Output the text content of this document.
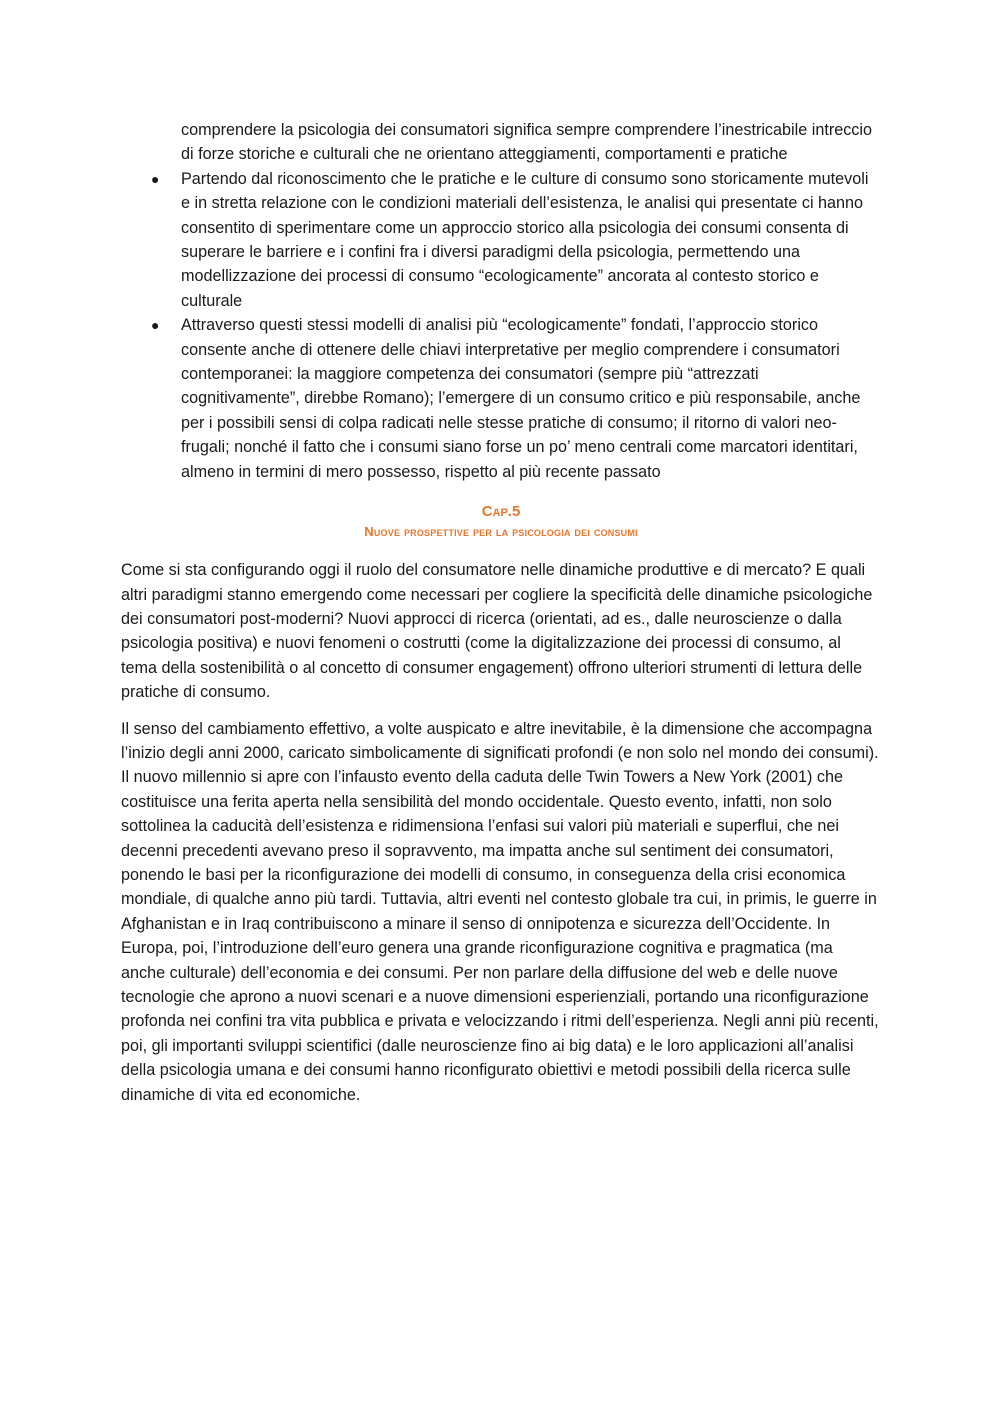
comprendere la psicologia dei consumatori significa sempre comprendere l’inestricabile intreccio di forze storiche e culturali che ne orientano atteggiamenti, comportamenti e pratiche
● Partendo dal riconoscimento che le pratiche e le culture di consumo sono storicamente mutevoli e in stretta relazione con le condizioni materiali dell’esistenza, le analisi qui presentate ci hanno consentito di sperimentare come un approccio storico alla psicologia dei consumi consenta di superare le barriere e i confini fra i diversi paradigmi della psicologia, permettendo una modellizzazione dei processi di consumo “ecologicamente” ancorata al contesto storico e culturale
● Attraverso questi stessi modelli di analisi più “ecologicamente” fondati, l’approccio storico consente anche di ottenere delle chiavi interpretative per meglio comprendere i consumatori contemporanei: la maggiore competenza dei consumatori (sempre più “attrezzati cognitivamente”, direbbe Romano); l’emergere di un consumo critico e più responsabile, anche per i possibili sensi di colpa radicati nelle stesse pratiche di consumo; il ritorno di valori neo-frugali; nonché il fatto che i consumi siano forse un po’ meno centrali come marcatori identitari, almeno in termini di mero possesso, rispetto al più recente passato
Cap.5
Nuove prospettive per la psicologia dei consumi

Come si sta configurando oggi il ruolo del consumatore nelle dinamiche produttive e di mercato? E quali altri paradigmi stanno emergendo come necessari per cogliere la specificità delle dinamiche psicologiche dei consumatori post-moderni? Nuovi approcci di ricerca (orientati, ad es., dalle neuroscienze o dalla psicologia positiva) e nuovi fenomeni o costrutti (come la digitalizzazione dei processi di consumo, al tema della sostenibilità o al concetto di consumer engagement) offrono ulteriori strumenti di lettura delle pratiche di consumo.

Il senso del cambiamento effettivo, a volte auspicato e altre inevitabile, è la dimensione che accompagna l’inizio degli anni 2000, caricato simbolicamente di significati profondi (e non solo nel mondo dei consumi). Il nuovo millennio si apre con l’infausto evento della caduta delle Twin Towers a New York (2001) che costituisce una ferita aperta nella sensibilità del mondo occidentale. Questo evento, infatti, non solo sottolinea la caducità dell’esistenza e ridimensiona l’enfasi sui valori più materiali e superflui, che nei decenni precedenti avevano preso il sopravvento, ma impatta anche sul sentiment dei consumatori, ponendo le basi per la riconfigurazione dei modelli di consumo, in conseguenza della crisi economica mondiale, di qualche anno più tardi. Tuttavia, altri eventi nel contesto globale tra cui, in primis, le guerre in Afghanistan e in Iraq contribuiscono a minare il senso di onnipotenza e sicurezza dell’Occidente. In Europa, poi, l’introduzione dell’euro genera una grande riconfigurazione cognitiva e pragmatica (ma anche culturale) dell’economia e dei consumi. Per non parlare della diffusione del web e delle nuove tecnologie che aprono a nuovi scenari e a nuove dimensioni esperienziali, portando una riconfigurazione profonda nei confini tra vita pubblica e privata e velocizzando i ritmi dell’esperienza. Negli anni più recenti, poi, gli importanti sviluppi scientifici (dalle neuroscienze fino ai big data) e le loro applicazioni all’analisi della psicologia umana e dei consumi hanno riconfigurato obiettivi e metodi possibili della ricerca sulle dinamiche di vita ed economiche.
